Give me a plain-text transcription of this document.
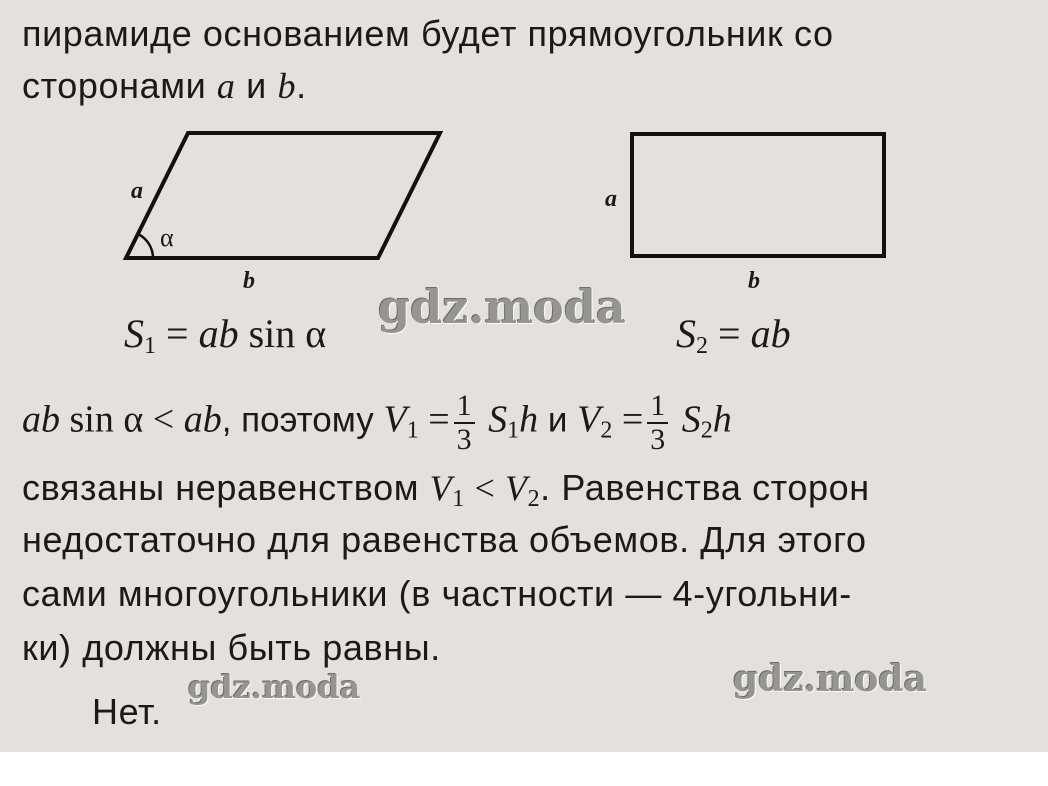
пирамиде основанием будет прямоугольник со
сторонами a и b.
a
α
b
a
b
$S_1$ = ab sin α	$S_2$ = ab
ab sin α < ab, поэтому $V_1 = \frac{1}{3} S_1h$ и $V_2 = \frac{1}{3} S_2h$
связаны неравенством $V_1 < V_2$. Равенства сторон
недостаточно для равенства объемов. Для этого
сами многоугольники (в частности — 4-угольни-
ки) должны быть равны.
Нет.
gdz.moda
gdz.moda	gdz.moda
